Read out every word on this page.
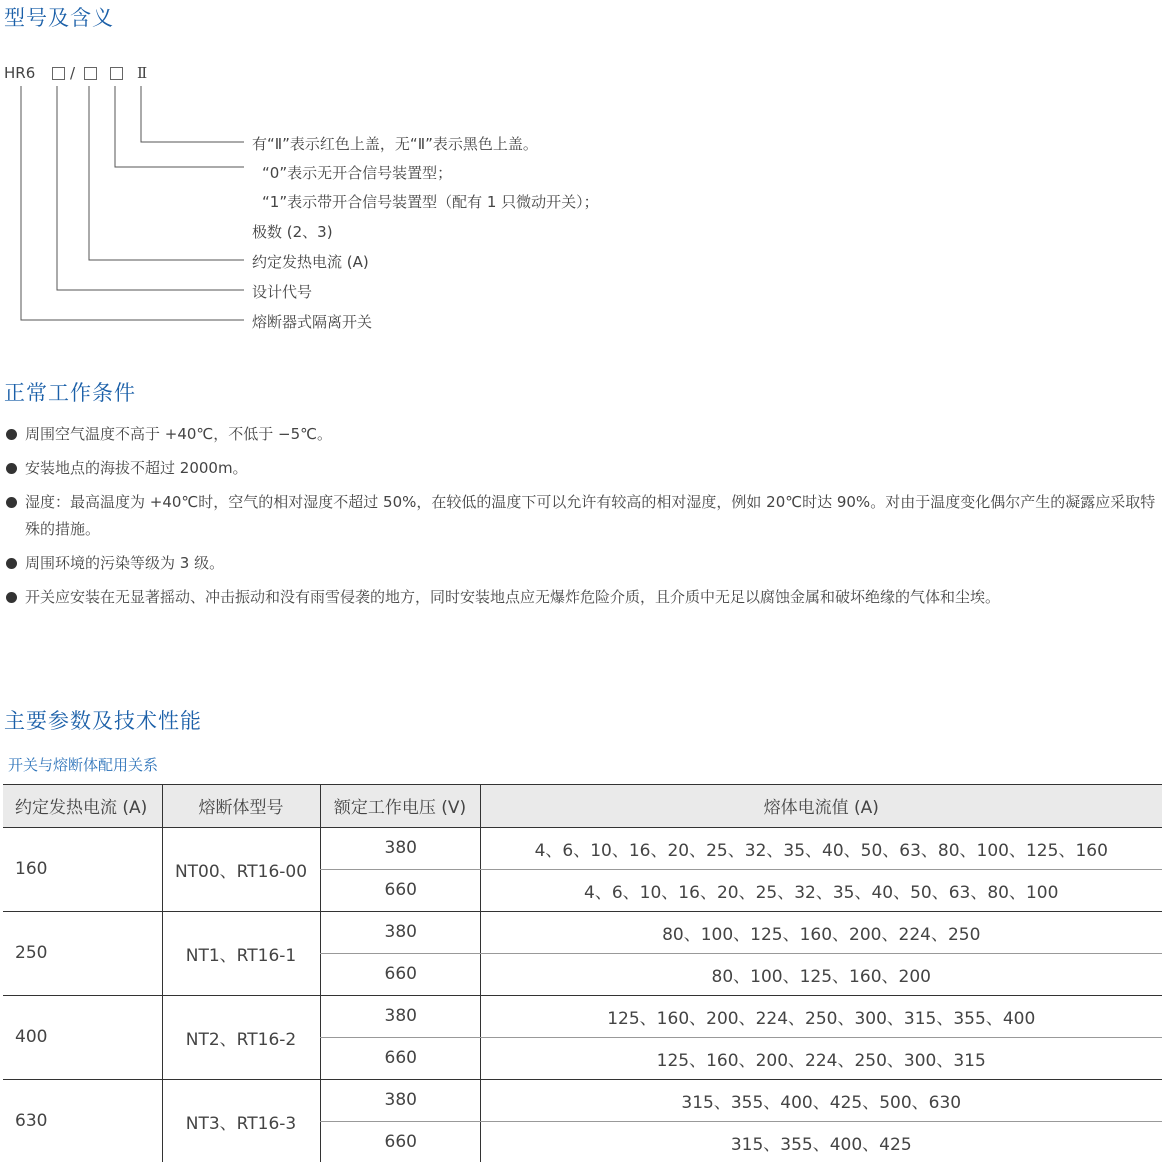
型号及含义
HR6 /	Ⅱ
有“Ⅱ”表示红色上盖，无“Ⅱ”表示黑色上盖。
“0”表示无开合信号装置型；
“1”表示带开合信号装置型（配有 1 只微动开关）；
极数 (2、3)
约定发热电流 (A)
设计代号
熔断器式隔离开关
正常工作条件
周围空气温度不高于 +40℃，不低于 −5℃。
安装地点的海拔不超过 2000m。
湿度：最高温度为 +40℃时，空气的相对湿度不超过 50%，在较低的温度下可以允许有较高的相对湿度，例如 20℃时达 90%。对由于温度变化偶尔产生的凝露应采取特殊的措施。
周围环境的污染等级为 3 级。
开关应安装在无显著摇动、冲击振动和没有雨雪侵袭的地方，同时安装地点应无爆炸危险介质，且介质中无足以腐蚀金属和破坏绝缘的气体和尘埃。
主要参数及技术性能
开关与熔断体配用关系
约定发热电流 (A)	熔断体型号	额定工作电压 (V)	熔体电流值 (A)
160	NT00、RT16-00	380	4、6、10、16、20、25、32、35、40、50、63、80、100、125、160
		660	4、6、10、16、20、25、32、35、40、50、63、80、100
250	NT1、RT16-1	380	80、100、125、160、200、224、250
		660	80、100、125、160、200
400	NT2、RT16-2	380	125、160、200、224、250、300、315、355、400
		660	125、160、200、224、250、300、315
630	NT3、RT16-3	380	315、355、400、425、500、630
		660	315、355、400、425
